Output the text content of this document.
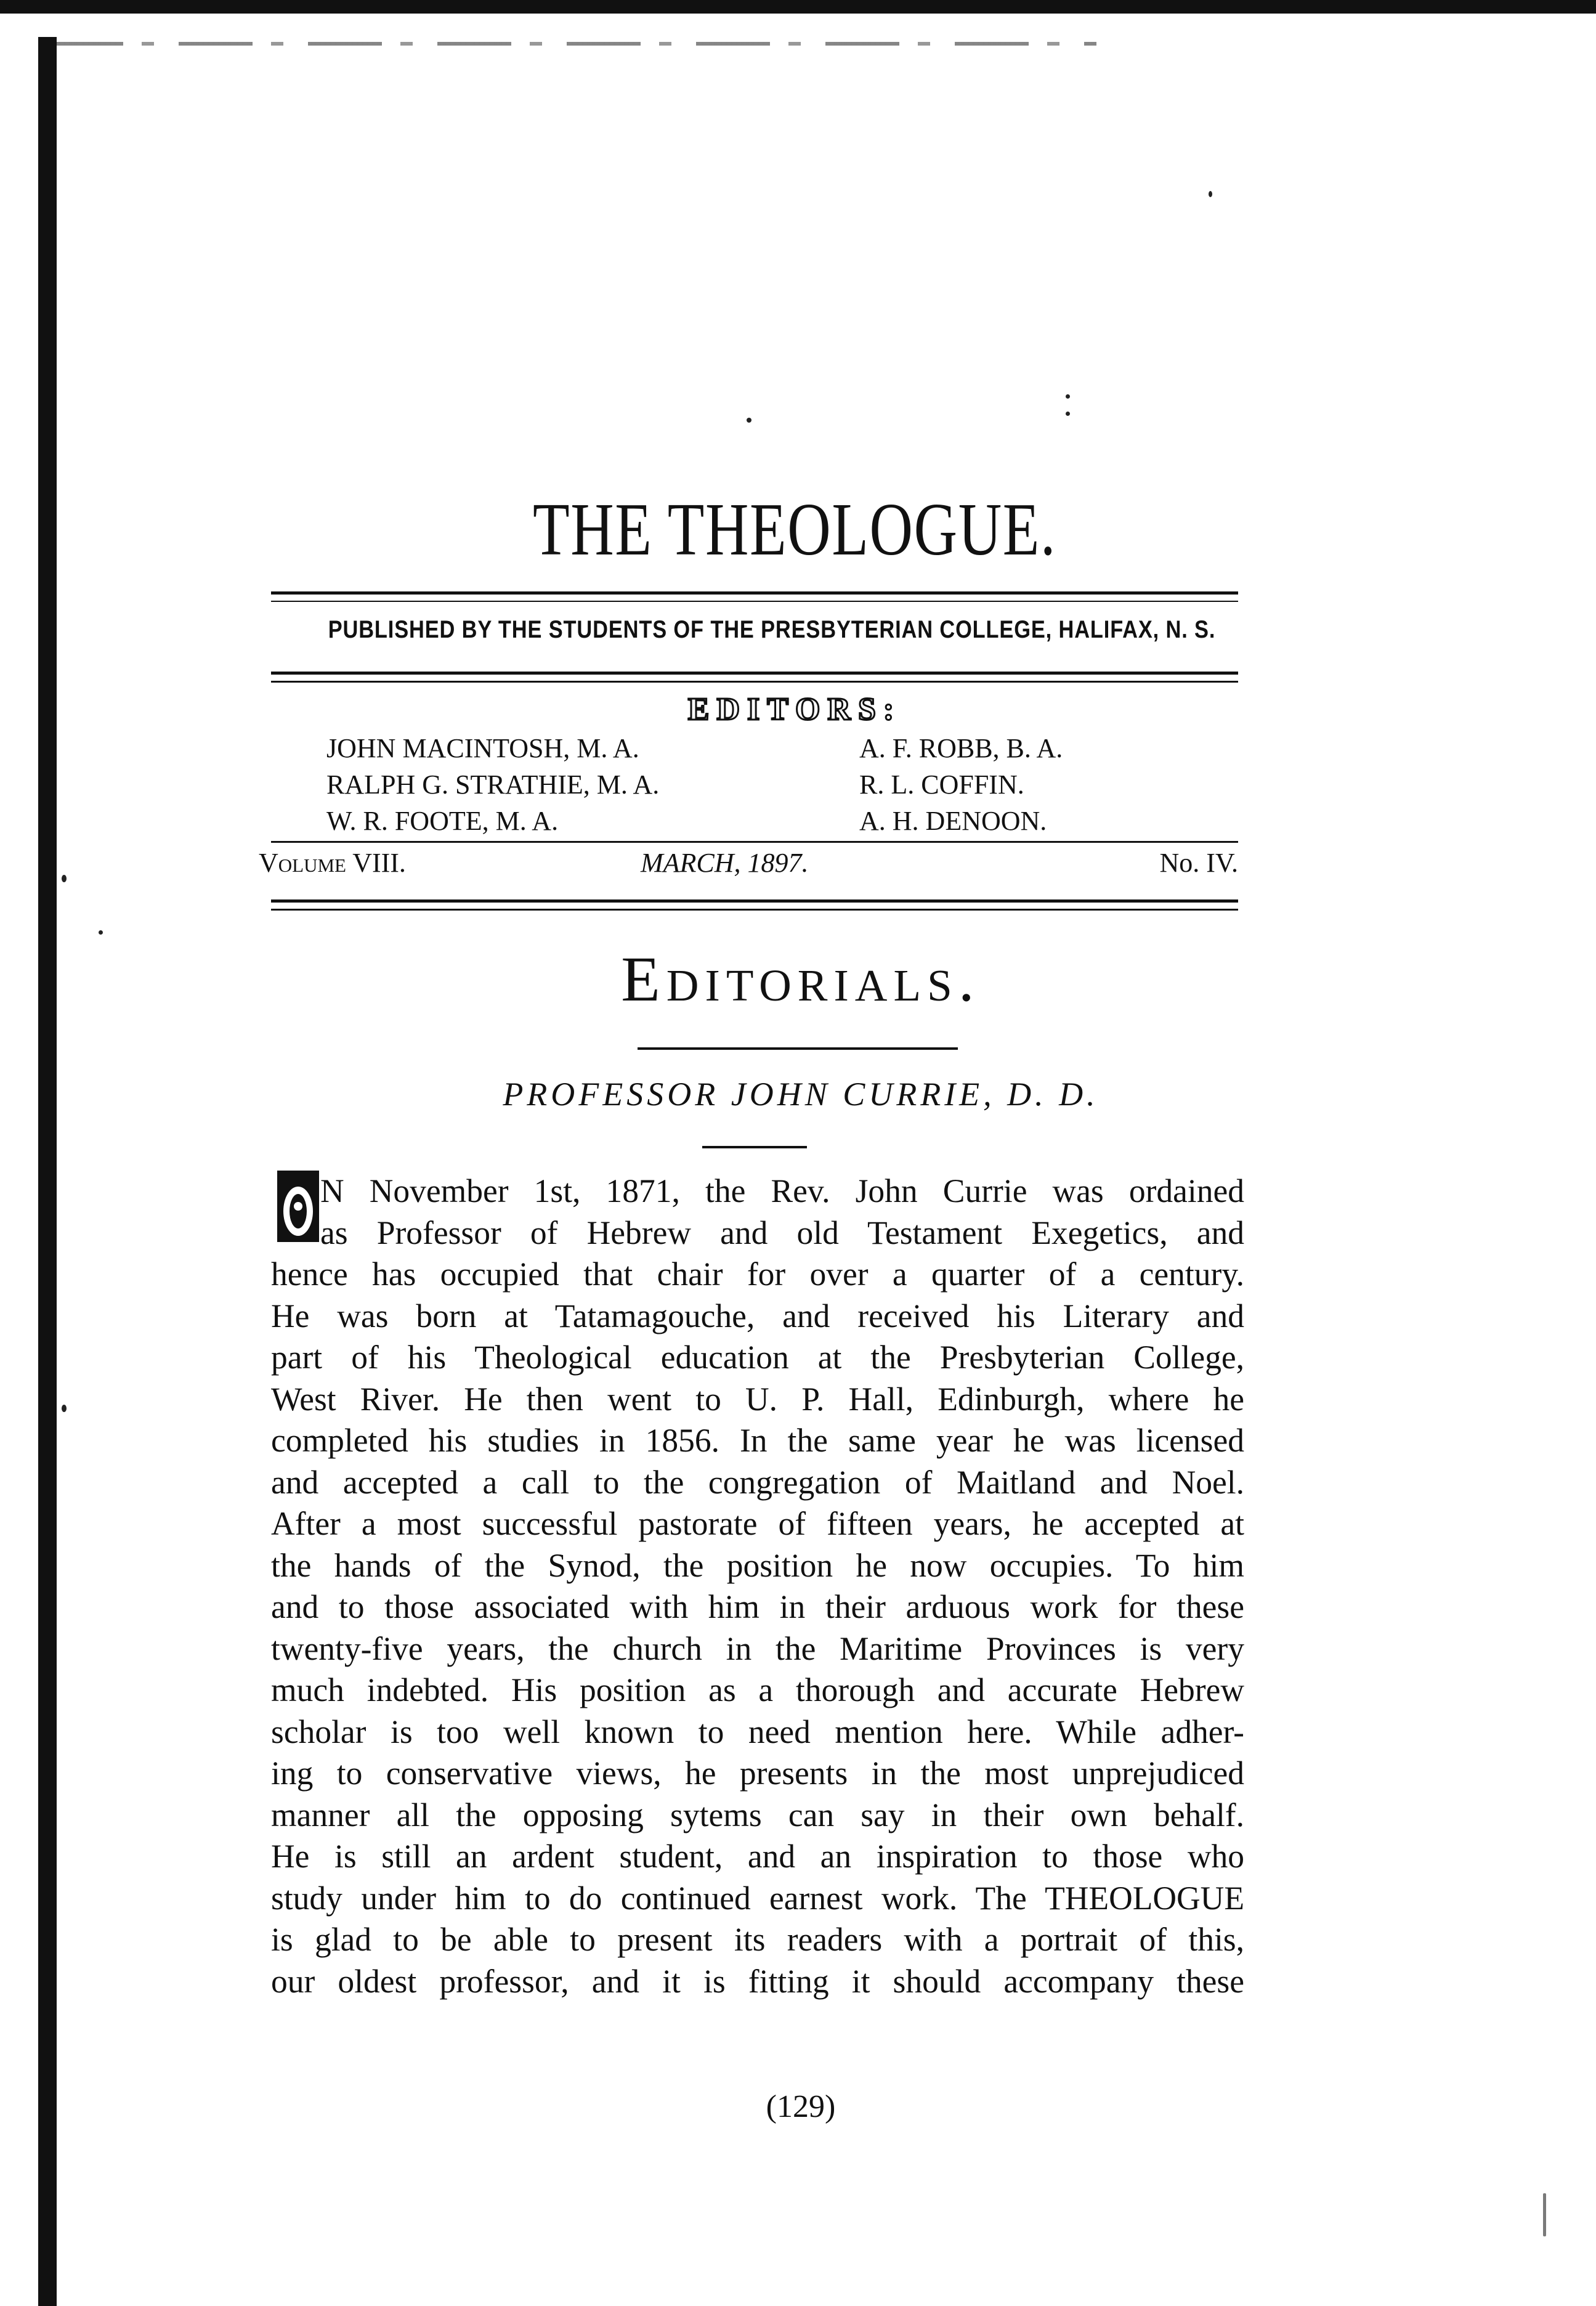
THE THEOLOGUE.
PUBLISHED BY THE STUDENTS OF THE PRESBYTERIAN COLLEGE, HALIFAX, N. S.
EDITORS:
JOHN MACINTOSH, M. A.
RALPH G. STRATHIE, M. A.
W. R. FOOTE, M. A.
A. F. ROBB, B. A.
R. L. COFFIN.
A. H. DENOON.
Volume VIII.	MARCH, 1897.	No. IV.
Editorials.
PROFESSOR JOHN CURRIE, D. D.
N November 1st, 1871, the Rev. John Currie was ordained
as Professor of Hebrew and old Testament Exegetics, and
hence has occupied that chair for over a quarter of a century.
He was born at Tatamagouche, and received his Literary and
part of his Theological education at the Presbyterian College,
West River. He then went to U. P. Hall, Edinburgh, where he
completed his studies in 1856. In the same year he was licensed
and accepted a call to the congregation of Maitland and Noel.
After a most successful pastorate of fifteen years, he accepted at
the hands of the Synod, the position he now occupies. To him
and to those associated with him in their arduous work for these
twenty-five years, the church in the Maritime Provinces is very
much indebted. His position as a thorough and accurate Hebrew
scholar is too well known to need mention here. While adher-
ing to conservative views, he presents in the most unprejudiced
manner all the opposing sytems can say in their own behalf.
He is still an ardent student, and an inspiration to those who
study under him to do continued earnest work. The THEOLOGUE
is glad to be able to present its readers with a portrait of this,
our oldest professor, and it is fitting it should accompany these
(129)
